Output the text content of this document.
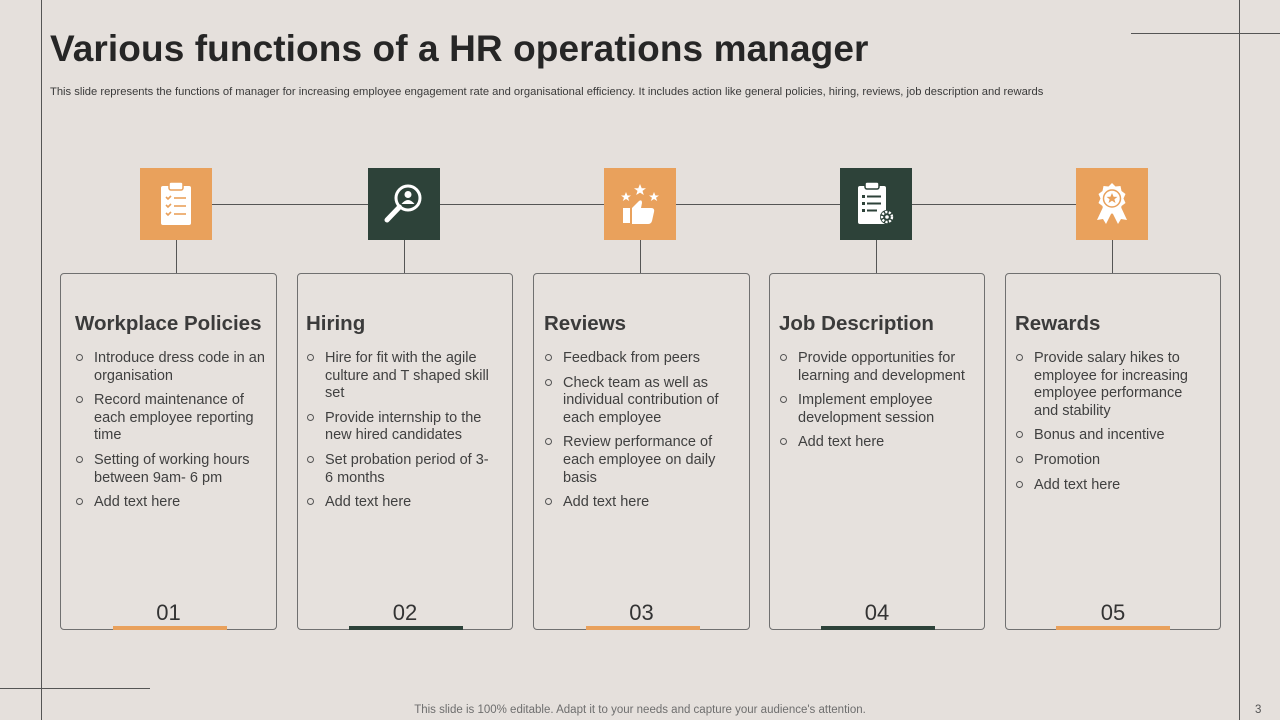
Various functions of a HR operations manager

This slide represents the functions of manager for increasing employee engagement rate and organisational efficiency. It includes action like general policies, hiring, reviews, job description and rewards

Workplace Policies
Introduce dress code in an organisation
Record maintenance of each employee reporting time
Setting of working hours between 9am- 6 pm
Add text here
01
Hiring
Hire for fit with the agile culture and T shaped skill set
Provide internship to the new hired candidates
Set probation period of 3-6 months
Add text here
02
Reviews
Feedback from peers
Check team as well as individual contribution of each employee
Review performance of each employee on daily basis
Add text here
03
Job Description
Provide opportunities for learning and development
Implement employee development session
Add text here
04
Rewards
Provide salary hikes to employee for increasing employee performance and stability
Bonus and incentive
Promotion
Add text here
05
This slide is 100% editable. Adapt it to your needs and capture your audience's attention.	3
